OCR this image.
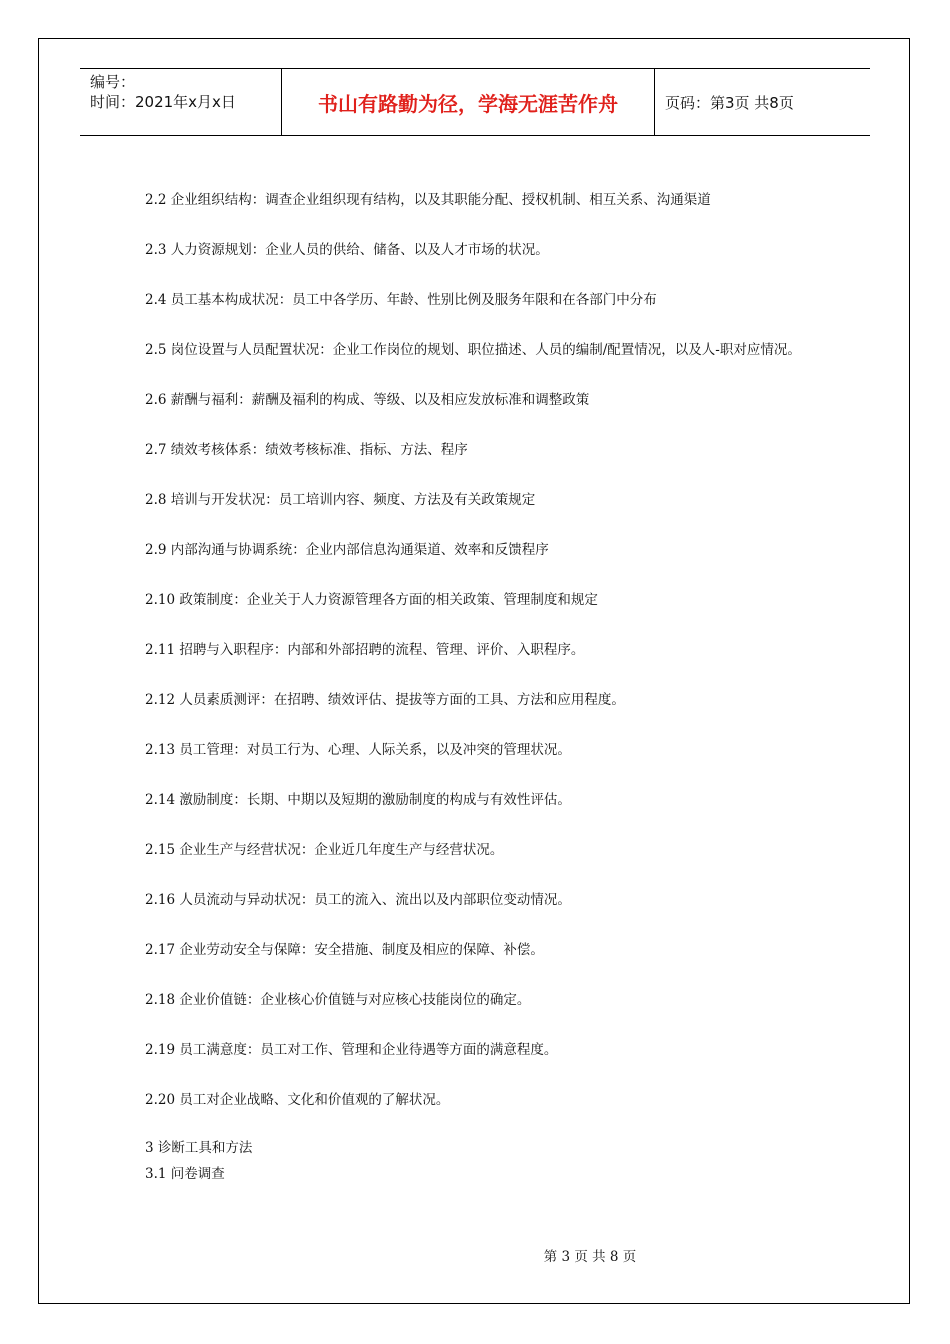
编号：
时间：2021年x月x日	书山有路勤为径，学海无涯苦作舟	页码：第3页 共8页

2.2 企业组织结构：调查企业组织现有结构，以及其职能分配、授权机制、相互关系、沟通渠道

2.3 人力资源规划：企业人员的供给、储备、以及人才市场的状况。

2.4 员工基本构成状况：员工中各学历、年龄、性别比例及服务年限和在各部门中分布

2.5 岗位设置与人员配置状况：企业工作岗位的规划、职位描述、人员的编制/配置情况，以及人-职对应情况。

2.6 薪酬与福利：薪酬及福利的构成、等级、以及相应发放标准和调整政策

2.7 绩效考核体系：绩效考核标准、指标、方法、程序

2.8 培训与开发状况：员工培训内容、频度、方法及有关政策规定

2.9 内部沟通与协调系统：企业内部信息沟通渠道、效率和反馈程序

2.10 政策制度：企业关于人力资源管理各方面的相关政策、管理制度和规定

2.11 招聘与入职程序：内部和外部招聘的流程、管理、评价、入职程序。

2.12 人员素质测评：在招聘、绩效评估、提拔等方面的工具、方法和应用程度。

2.13 员工管理：对员工行为、心理、人际关系，以及冲突的管理状况。

2.14 激励制度：长期、中期以及短期的激励制度的构成与有效性评估。

2.15 企业生产与经营状况：企业近几年度生产与经营状况。

2.16 人员流动与异动状况：员工的流入、流出以及内部职位变动情况。

2.17 企业劳动安全与保障：安全措施、制度及相应的保障、补偿。

2.18 企业价值链：企业核心价值链与对应核心技能岗位的确定。

2.19 员工满意度：员工对工作、管理和企业待遇等方面的满意程度。

2.20 员工对企业战略、文化和价值观的了解状况。

3 诊断工具和方法

3.1 问卷调查

第 3 页 共 8 页
